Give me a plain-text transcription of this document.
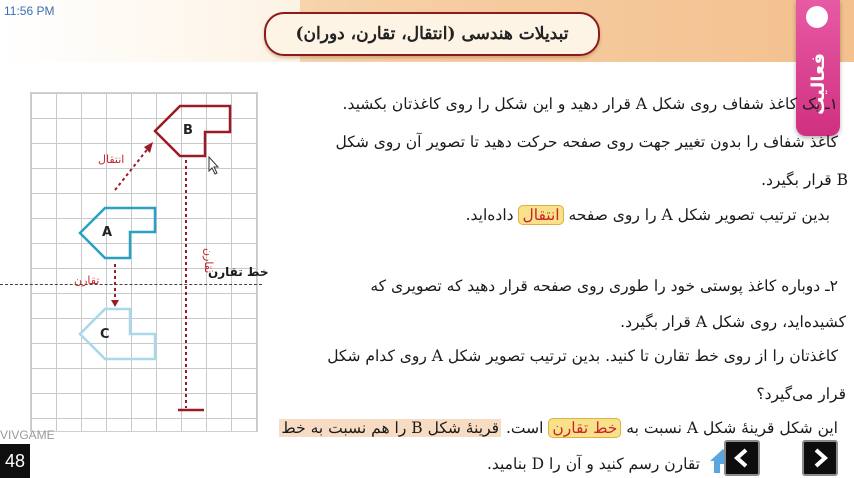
11:56 PM
تبدیلات هندسی (انتقال، تقارن، دوران)
فعالیت
B
A
C
انتقال
تقارن
تقارن
خط تقارن
۱ـ یک کاغذ شفاف روی شکل A قرار دهید و این شکل را روی کاغذتان بکشید.
کاغذ شفاف را بدون تغییر جهت روی صفحه حرکت دهید تا تصویر آن روی شکل
B قرار بگیرد.
بدین ترتیب تصویر شکل A را روی صفحه انتقال داده‌اید.
۲ـ دوباره کاغذ پوستی خود را طوری روی صفحه قرار دهید که تصویری که
کشیده‌اید، روی شکل A قرار بگیرد.
کاغذتان را از روی خط تقارن تا کنید. بدین ترتیب تصویر شکل A روی کدام شکل
قرار می‌گیرد؟
این شکل قرینهٔ شکل A نسبت به خط تقارن است. قرینهٔ شکل B را هم نسبت به خط
تقارن رسم کنید و آن را D بنامید.
VIVGAME
48
